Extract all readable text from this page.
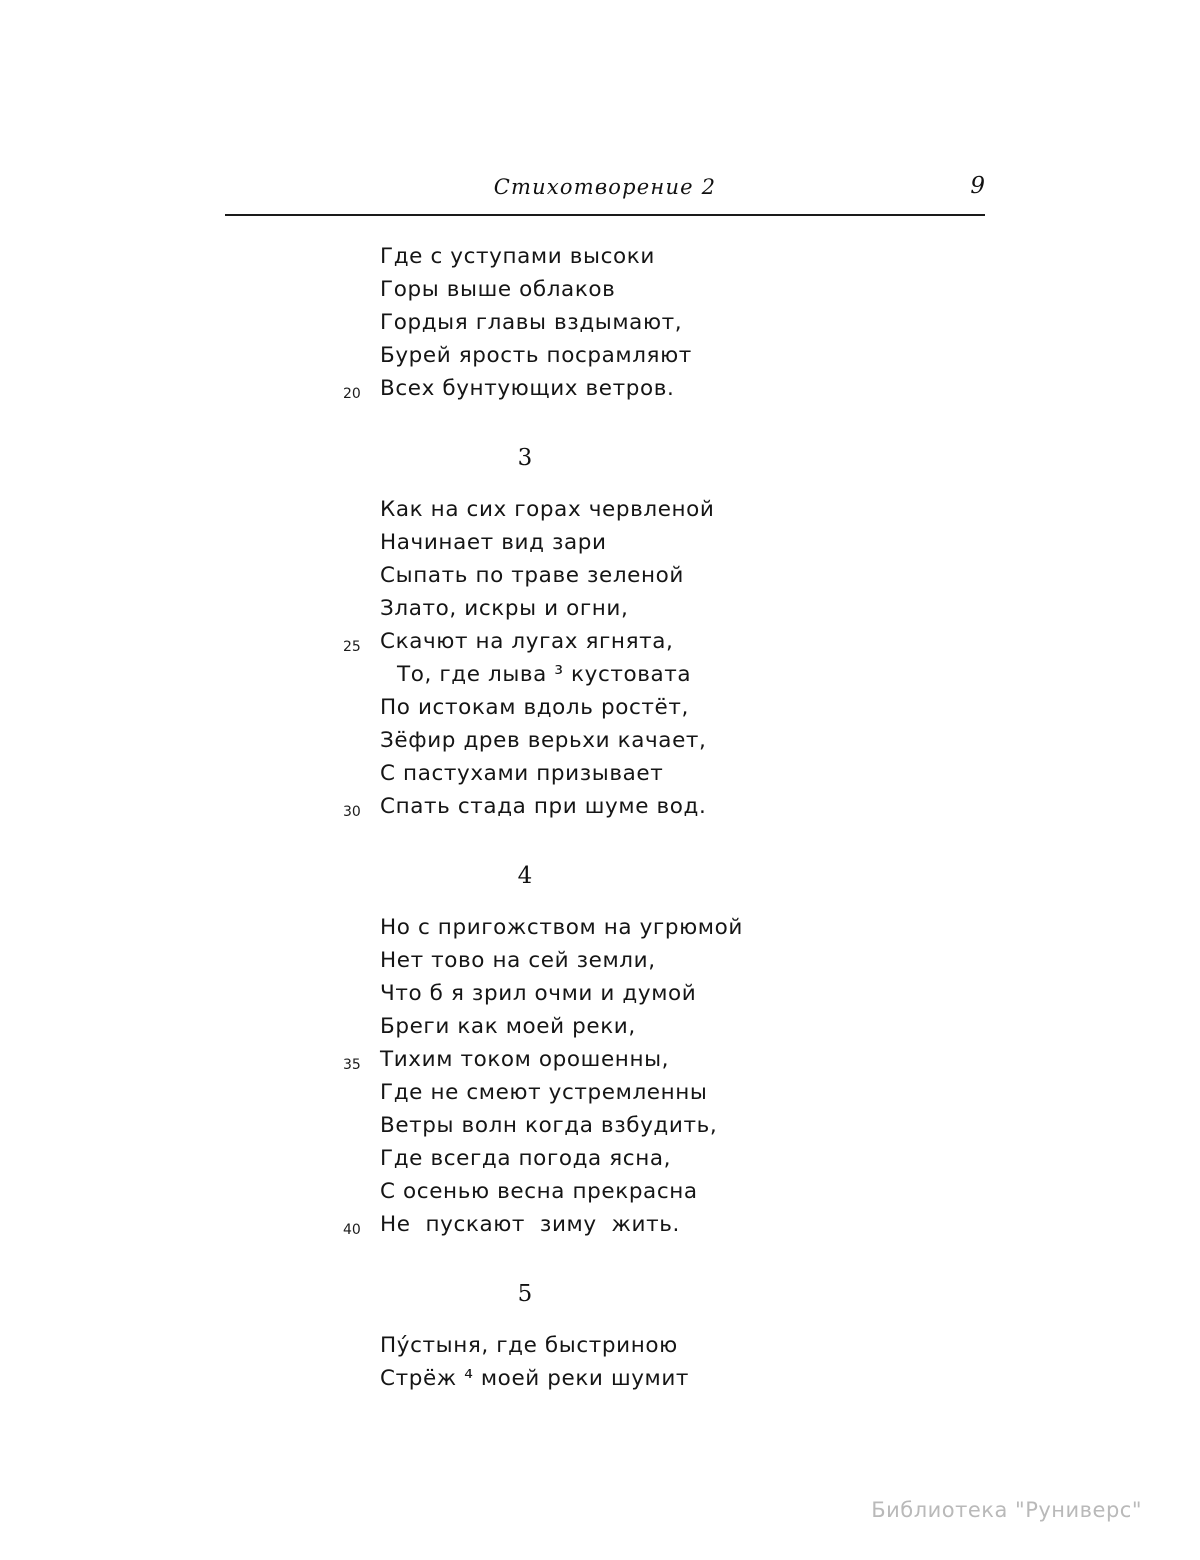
Стихотворение 2	9
Где с уступами высоки
Горы выше облаков
Гордыя главы вздымают,
Бурей ярость посрамляют
20 Всех бунтующих ветров.
3
Как на сих горах червленой
Начинает вид зари
Сыпать по траве зеленой
Злато, искры и огни,
25 Скачют на лугах ягнята,
То, где лыва ³ кустовата
По истокам вдоль ростёт,
Зёфир древ верьхи качает,
С пастухами призывает
30 Спать стада при шуме вод.
4
Но с пригожством на угрюмой
Нет тово на сей земли,
Что б я зрил очми и думой
Бреги как моей реки,
35 Тихим током орошенны,
Где не смеют устремленны
Ветры волн когда взбудить,
Где всегда погода ясна,
С осенью весна прекрасна
40 Не  пускают  зиму  жить.
5
Пу́стыня, где быстриною
Стрёж ⁴ моей реки шумит
Библиотека "Руниверс"
